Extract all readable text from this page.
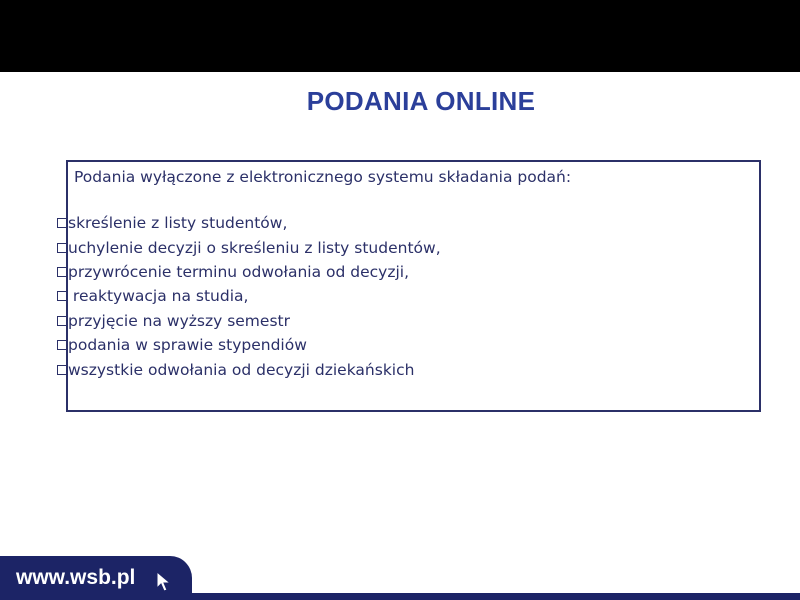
PODANIA ONLINE
Podania wyłączone z elektronicznego systemu składania podań:
skreślenie z listy studentów,
uchylenie decyzji o skreśleniu z listy studentów,
przywrócenie terminu odwołania od decyzji,
reaktywacja na studia,
przyjęcie na wyższy semestr
podania w sprawie stypendiów
wszystkie odwołania od decyzji dziekańskich
www.wsb.pl
